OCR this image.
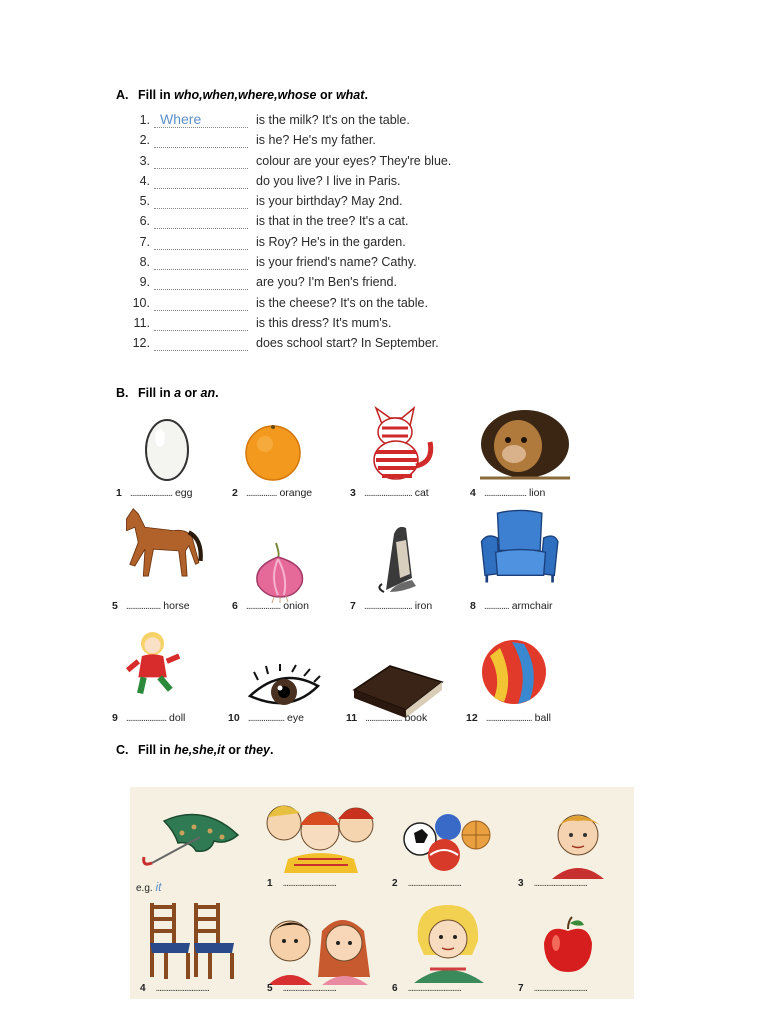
A. Fill in who,when,where,whose or what.
1. Where	is the milk? It's on the table.
2.	is he? He's my father.
3.	colour are your eyes? They're blue.
4.	do you live? I live in Paris.
5.	is your birthday? May 2nd.
6.	is that in the tree? It's a cat.
7.	is Roy? He's in the garden.
8.	is your friend's name? Cathy.
9.	are you? I'm Ben's friend.
10.	is the cheese? It's on the table.
11.	is this dress? It's mum's.
12.	does school start? In September.
B. Fill in a or an.
1 ...................... egg	2 ................ orange	3 ......................... cat	4 ...................... lion
5 .................. horse	6 .................. onion	7 ......................... iron	8 ............. armchair
9 ..................... doll	10 ................... eye	11 ................... book	12 ........................ ball
C. Fill in he,she,it or they.
e.g. it	1 ..............................	2 ..............................	3 ..............................
4 ..............................	5 ..............................	6 ..............................	7 ..............................
